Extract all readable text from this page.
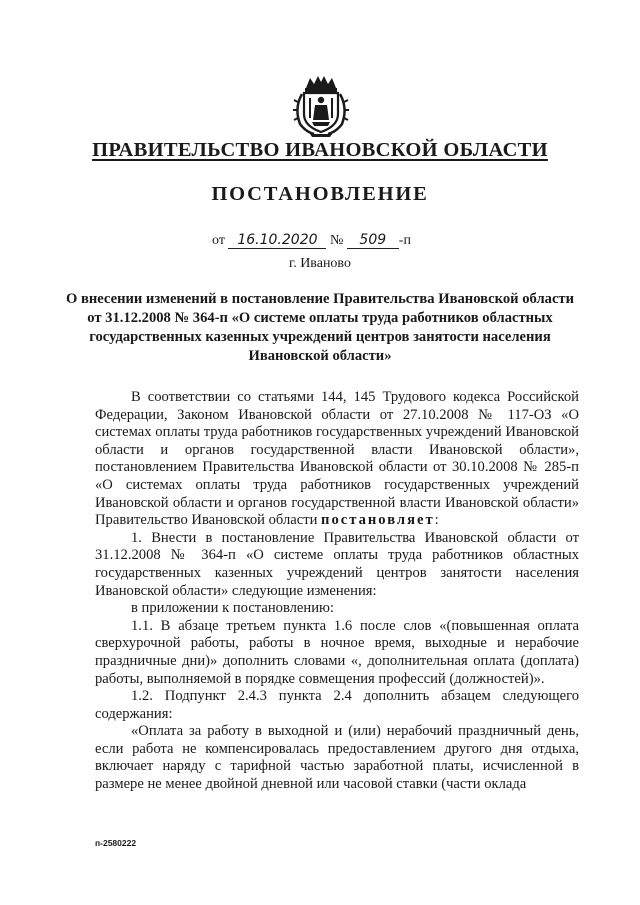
ПРАВИТЕЛЬСТВО ИВАНОВСКОЙ ОБЛАСТИ
ПОСТАНОВЛЕНИЕ
от 16.10.2020 № 509 -п
г. Иваново
О внесении изменений в постановление Правительства Ивановской области от 31.12.2008 № 364-п «О системе оплаты труда работников областных государственных казенных учреждений центров занятости населения Ивановской области»

В соответствии со статьями 144, 145 Трудового кодекса Российской Федерации, Законом Ивановской области от 27.10.2008 № 117-ОЗ «О системах оплаты труда работников государственных учреждений Ивановской области и органов государственной власти Ивановской области», постановлением Правительства Ивановской области от 30.10.2008 № 285-п «О системах оплаты труда работников государственных учреждений Ивановской области и органов государственной власти Ивановской области» Правительство Ивановской области постановляет:

1. Внести в постановление Правительства Ивановской области от 31.12.2008 № 364-п «О системе оплаты труда работников областных государственных казенных учреждений центров занятости населения Ивановской области» следующие изменения:

в приложении к постановлению:

1.1. В абзаце третьем пункта 1.6 после слов «(повышенная оплата сверхурочной работы, работы в ночное время, выходные и нерабочие праздничные дни)» дополнить словами «, дополнительная оплата (доплата) работы, выполняемой в порядке совмещения профессий (должностей)».

1.2. Подпункт 2.4.3 пункта 2.4 дополнить абзацем следующего содержания:

«Оплата за работу в выходной и (или) нерабочий праздничный день, если работа не компенсировалась предоставлением другого дня отдыха, включает наряду с тарифной частью заработной платы, исчисленной в размере не менее двойной дневной или часовой ставки (части оклада

п-2580222
